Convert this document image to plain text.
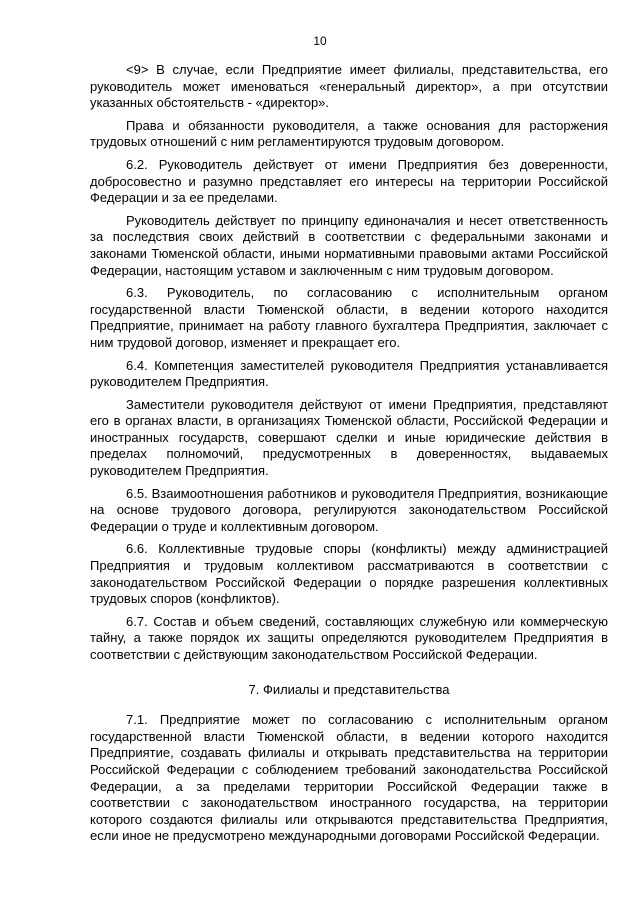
10

<9> В случае, если Предприятие имеет филиалы, представительства, его руководитель может именоваться «генеральный директор», а при отсутствии указанных обстоятельств - «директор».

Права и обязанности руководителя, а также основания для расторжения трудовых отношений с ним регламентируются трудовым договором.

6.2. Руководитель действует от имени Предприятия без доверенности, добросовестно и разумно представляет его интересы на территории Российской Федерации и за ее пределами.

Руководитель действует по принципу единоначалия и несет ответственность за последствия своих действий в соответствии с федеральными законами и законами Тюменской области, иными нормативными правовыми актами Российской Федерации, настоящим уставом и заключенным с ним трудовым договором.

6.3. Руководитель, по согласованию с исполнительным органом государственной власти Тюменской области, в ведении которого находится Предприятие, принимает на работу главного бухгалтера Предприятия, заключает с ним трудовой договор, изменяет и прекращает его.

6.4. Компетенция заместителей руководителя Предприятия устанавливается руководителем Предприятия.

Заместители руководителя действуют от имени Предприятия, представляют его в органах власти, в организациях Тюменской области, Российской Федерации и иностранных государств, совершают сделки и иные юридические действия в пределах полномочий, предусмотренных в доверенностях, выдаваемых руководителем Предприятия.

6.5. Взаимоотношения работников и руководителя Предприятия, возникающие на основе трудового договора, регулируются законодательством Российской Федерации о труде и коллективным договором.

6.6. Коллективные трудовые споры (конфликты) между администрацией Предприятия и трудовым коллективом рассматриваются в соответствии с законодательством Российской Федерации о порядке разрешения коллективных трудовых споров (конфликтов).

6.7. Состав и объем сведений, составляющих служебную или коммерческую тайну, а также порядок их защиты определяются руководителем Предприятия в соответствии с действующим законодательством Российской Федерации.

7. Филиалы и представительства

7.1. Предприятие может по согласованию с исполнительным органом государственной власти Тюменской области, в ведении которого находится Предприятие, создавать филиалы и открывать представительства на территории Российской Федерации с соблюдением требований законодательства Российской Федерации, а за пределами территории Российской Федерации также в соответствии с законодательством иностранного государства, на территории которого создаются филиалы или открываются представительства Предприятия, если иное не предусмотрено международными договорами Российской Федерации.
